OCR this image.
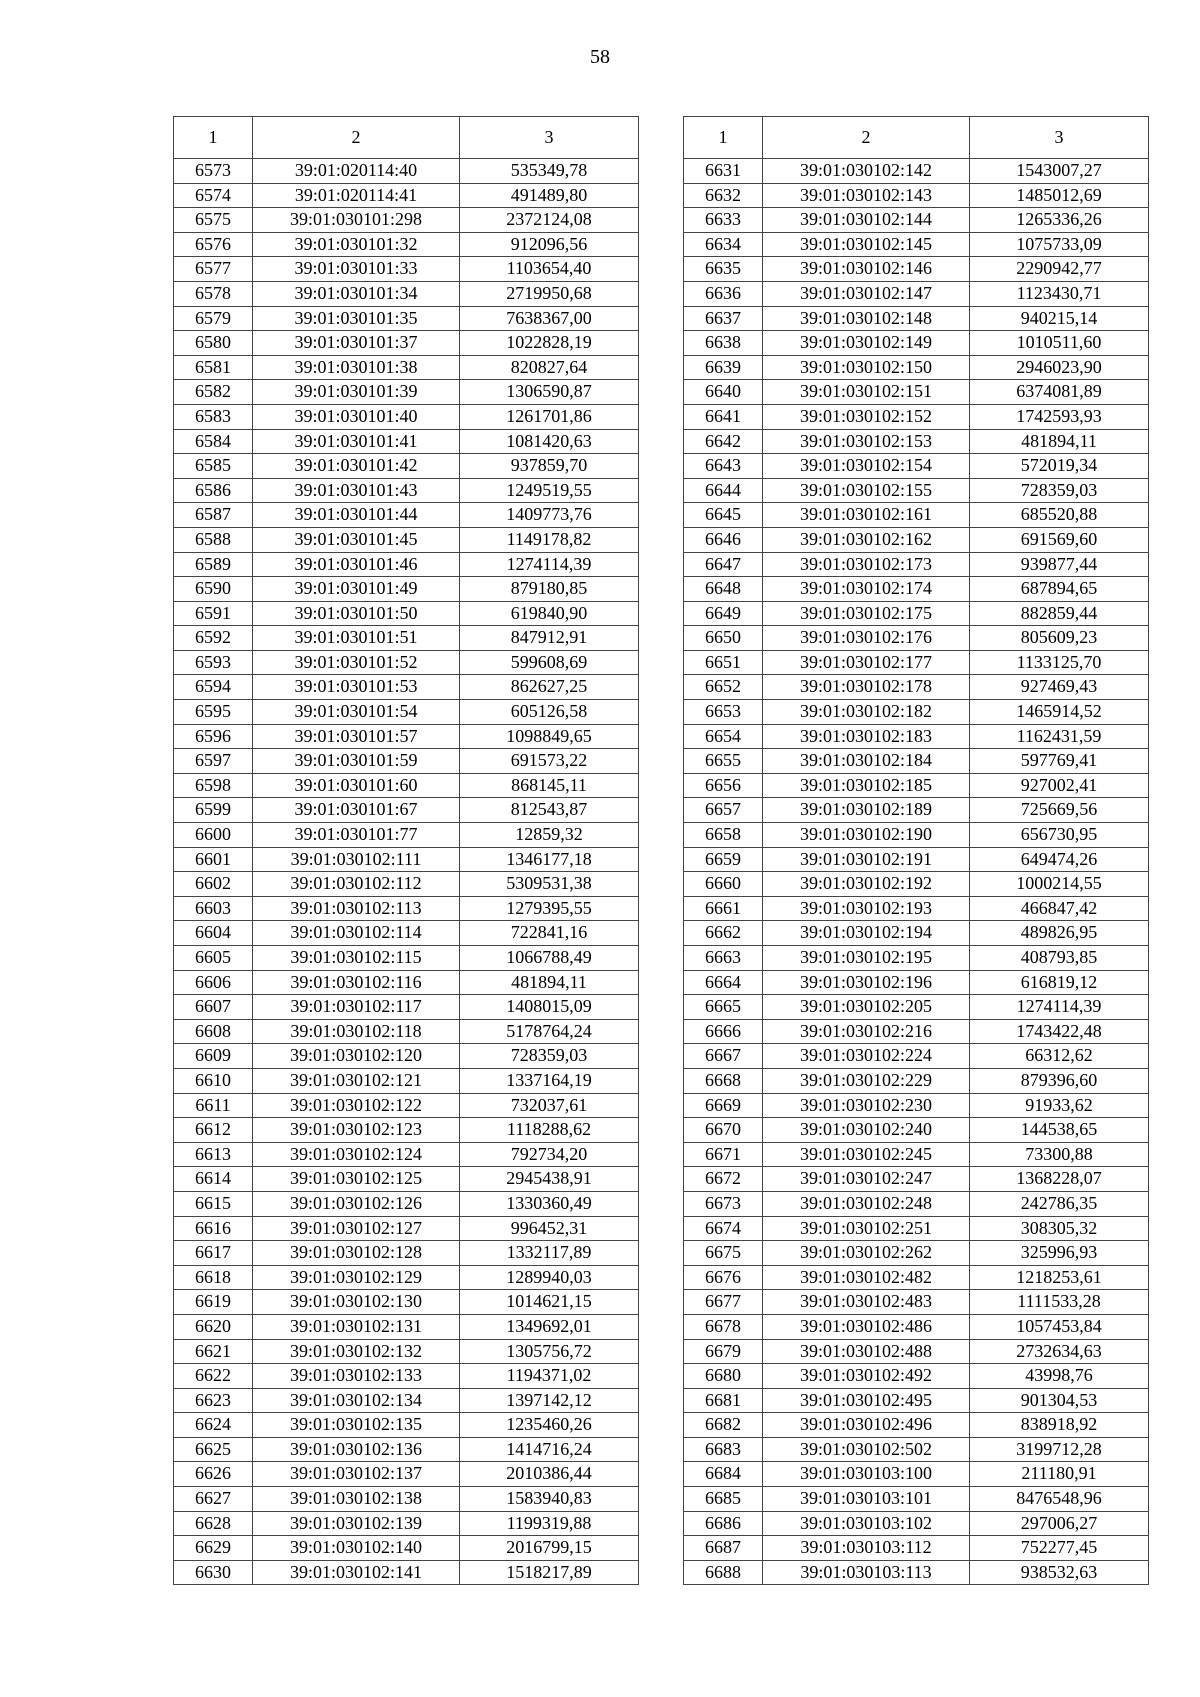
58
1	2	3
6573	39:01:020114:40	535349,78
6574	39:01:020114:41	491489,80
6575	39:01:030101:298	2372124,08
6576	39:01:030101:32	912096,56
6577	39:01:030101:33	1103654,40
6578	39:01:030101:34	2719950,68
6579	39:01:030101:35	7638367,00
6580	39:01:030101:37	1022828,19
6581	39:01:030101:38	820827,64
6582	39:01:030101:39	1306590,87
6583	39:01:030101:40	1261701,86
6584	39:01:030101:41	1081420,63
6585	39:01:030101:42	937859,70
6586	39:01:030101:43	1249519,55
6587	39:01:030101:44	1409773,76
6588	39:01:030101:45	1149178,82
6589	39:01:030101:46	1274114,39
6590	39:01:030101:49	879180,85
6591	39:01:030101:50	619840,90
6592	39:01:030101:51	847912,91
6593	39:01:030101:52	599608,69
6594	39:01:030101:53	862627,25
6595	39:01:030101:54	605126,58
6596	39:01:030101:57	1098849,65
6597	39:01:030101:59	691573,22
6598	39:01:030101:60	868145,11
6599	39:01:030101:67	812543,87
6600	39:01:030101:77	12859,32
6601	39:01:030102:111	1346177,18
6602	39:01:030102:112	5309531,38
6603	39:01:030102:113	1279395,55
6604	39:01:030102:114	722841,16
6605	39:01:030102:115	1066788,49
6606	39:01:030102:116	481894,11
6607	39:01:030102:117	1408015,09
6608	39:01:030102:118	5178764,24
6609	39:01:030102:120	728359,03
6610	39:01:030102:121	1337164,19
6611	39:01:030102:122	732037,61
6612	39:01:030102:123	1118288,62
6613	39:01:030102:124	792734,20
6614	39:01:030102:125	2945438,91
6615	39:01:030102:126	1330360,49
6616	39:01:030102:127	996452,31
6617	39:01:030102:128	1332117,89
6618	39:01:030102:129	1289940,03
6619	39:01:030102:130	1014621,15
6620	39:01:030102:131	1349692,01
6621	39:01:030102:132	1305756,72
6622	39:01:030102:133	1194371,02
6623	39:01:030102:134	1397142,12
6624	39:01:030102:135	1235460,26
6625	39:01:030102:136	1414716,24
6626	39:01:030102:137	2010386,44
6627	39:01:030102:138	1583940,83
6628	39:01:030102:139	1199319,88
6629	39:01:030102:140	2016799,15
6630	39:01:030102:141	1518217,89
1	2	3
6631	39:01:030102:142	1543007,27
6632	39:01:030102:143	1485012,69
6633	39:01:030102:144	1265336,26
6634	39:01:030102:145	1075733,09
6635	39:01:030102:146	2290942,77
6636	39:01:030102:147	1123430,71
6637	39:01:030102:148	940215,14
6638	39:01:030102:149	1010511,60
6639	39:01:030102:150	2946023,90
6640	39:01:030102:151	6374081,89
6641	39:01:030102:152	1742593,93
6642	39:01:030102:153	481894,11
6643	39:01:030102:154	572019,34
6644	39:01:030102:155	728359,03
6645	39:01:030102:161	685520,88
6646	39:01:030102:162	691569,60
6647	39:01:030102:173	939877,44
6648	39:01:030102:174	687894,65
6649	39:01:030102:175	882859,44
6650	39:01:030102:176	805609,23
6651	39:01:030102:177	1133125,70
6652	39:01:030102:178	927469,43
6653	39:01:030102:182	1465914,52
6654	39:01:030102:183	1162431,59
6655	39:01:030102:184	597769,41
6656	39:01:030102:185	927002,41
6657	39:01:030102:189	725669,56
6658	39:01:030102:190	656730,95
6659	39:01:030102:191	649474,26
6660	39:01:030102:192	1000214,55
6661	39:01:030102:193	466847,42
6662	39:01:030102:194	489826,95
6663	39:01:030102:195	408793,85
6664	39:01:030102:196	616819,12
6665	39:01:030102:205	1274114,39
6666	39:01:030102:216	1743422,48
6667	39:01:030102:224	66312,62
6668	39:01:030102:229	879396,60
6669	39:01:030102:230	91933,62
6670	39:01:030102:240	144538,65
6671	39:01:030102:245	73300,88
6672	39:01:030102:247	1368228,07
6673	39:01:030102:248	242786,35
6674	39:01:030102:251	308305,32
6675	39:01:030102:262	325996,93
6676	39:01:030102:482	1218253,61
6677	39:01:030102:483	1111533,28
6678	39:01:030102:486	1057453,84
6679	39:01:030102:488	2732634,63
6680	39:01:030102:492	43998,76
6681	39:01:030102:495	901304,53
6682	39:01:030102:496	838918,92
6683	39:01:030102:502	3199712,28
6684	39:01:030103:100	211180,91
6685	39:01:030103:101	8476548,96
6686	39:01:030103:102	297006,27
6687	39:01:030103:112	752277,45
6688	39:01:030103:113	938532,63
